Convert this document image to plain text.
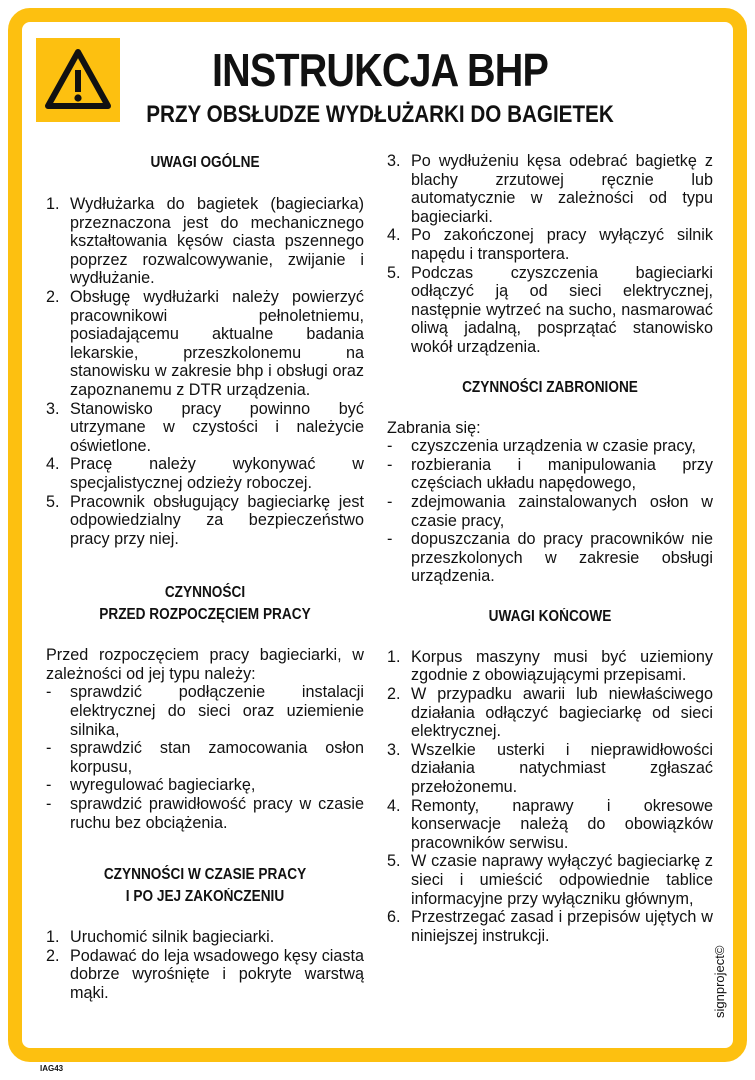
INSTRUKCJA BHP
PRZY OBSŁUDZE WYDŁUŻARKI DO BAGIETEK
UWAGI OGÓLNE
1. Wydłużarka do bagietek (bagieciarka) przeznaczona jest do mechanicznego kształtowania kęsów ciasta pszennego poprzez rozwalcowywanie, zwijanie i wydłużanie.
2. Obsługę wydłużarki należy powierzyć pracownikowi pełnoletniemu, posiadającemu aktualne badania lekarskie, przeszkolonemu na stanowisku w zakresie bhp i obsługi oraz zapoznanemu z DTR urządzenia.
3. Stanowisko pracy powinno być utrzymane w czystości i należycie oświetlone.
4. Pracę należy wykonywać w specjalistycznej odzieży roboczej.
5. Pracownik obsługujący bagieciarkę jest odpowiedzialny za bezpieczeństwo pracy przy niej.
CZYNNOŚCI
PRZED ROZPOCZĘCIEM PRACY

Przed rozpoczęciem pracy bagieciarki, w zależności od jej typu należy:

-	sprawdzić podłączenie instalacji elektrycznej do sieci oraz uziemienie silnika,
-	sprawdzić stan zamocowania osłon korpusu,
-	wyregulować bagieciarkę,
-	sprawdzić prawidłowość pracy w czasie ruchu bez obciążenia.
CZYNNOŚCI W CZASIE PRACY
I PO JEJ ZAKOŃCZENIU
1. Uruchomić silnik bagieciarki.
2. Podawać do leja wsadowego kęsy ciasta dobrze wyrośnięte i pokryte warstwą mąki.
3. Po wydłużeniu kęsa odebrać bagietkę z blachy zrzutowej ręcznie lub automatycznie w zależności od typu bagieciarki.
4. Po zakończonej pracy wyłączyć silnik napędu i transportera.
5. Podczas czyszczenia bagieciarki odłączyć ją od sieci elektrycznej, następnie wytrzeć na sucho, nasmarować oliwą jadalną, posprzątać stanowisko wokół urządzenia.
CZYNNOŚCI ZABRONIONE

Zabrania się:

-	czyszczenia urządzenia w czasie pracy,
-	rozbierania i manipulowania przy częściach układu napędowego,
-	zdejmowania zainstalowanych osłon w czasie pracy,
-	dopuszczania do pracy pracowników nie przeszkolonych w zakresie obsługi urządzenia.
UWAGI KOŃCOWE
1. Korpus maszyny musi być uziemiony zgodnie z obowiązującymi przepisami.
2. W przypadku awarii lub niewłaściwego działania odłączyć bagieciarkę od sieci elektrycznej.
3. Wszelkie usterki i nieprawidłowości działania natychmiast zgłaszać przełożonemu.
4. Remonty, naprawy i okresowe konserwacje należą do obowiązków pracowników serwisu.
5. W czasie naprawy wyłączyć bagieciarkę z sieci i umieścić odpowiednie tablice informacyjne przy wyłączniku głównym,
6. Przestrzegać zasad i przepisów ujętych w niniejszej instrukcji.
signproject©
IAG43
